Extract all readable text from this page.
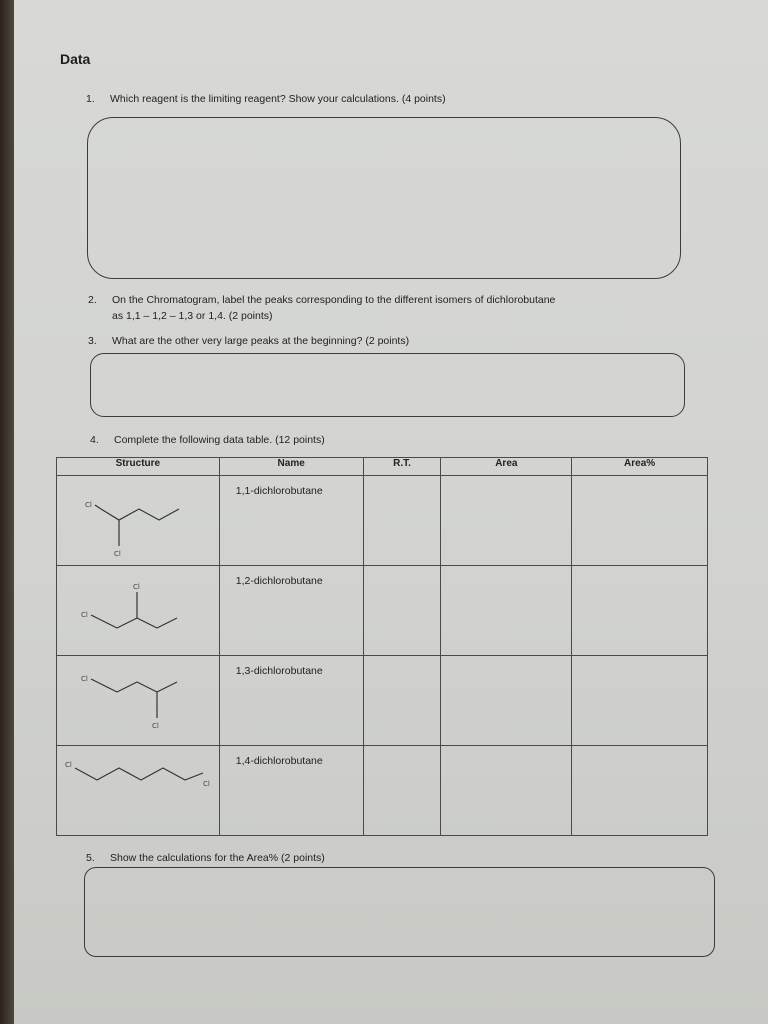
Data
1. Which reagent is the limiting reagent? Show your calculations. (4 points)
2. On the Chromatogram, label the peaks corresponding to the different isomers of dichlorobutane
as 1,1 – 1,2 – 1,3 or 1,4. (2 points)
3. What are the other very large peaks at the beginning? (2 points)
4. Complete the following data table. (12 points)
Structure	Name	R.T.	Area	Area%

Cl
Cl	1,1-dichlorobutane			

Cl
Cl	1,2-dichlorobutane			

Cl
Cl	1,3-dichlorobutane			

Cl
Cl	1,4-dichlorobutane			

5. Show the calculations for the Area% (2 points)
